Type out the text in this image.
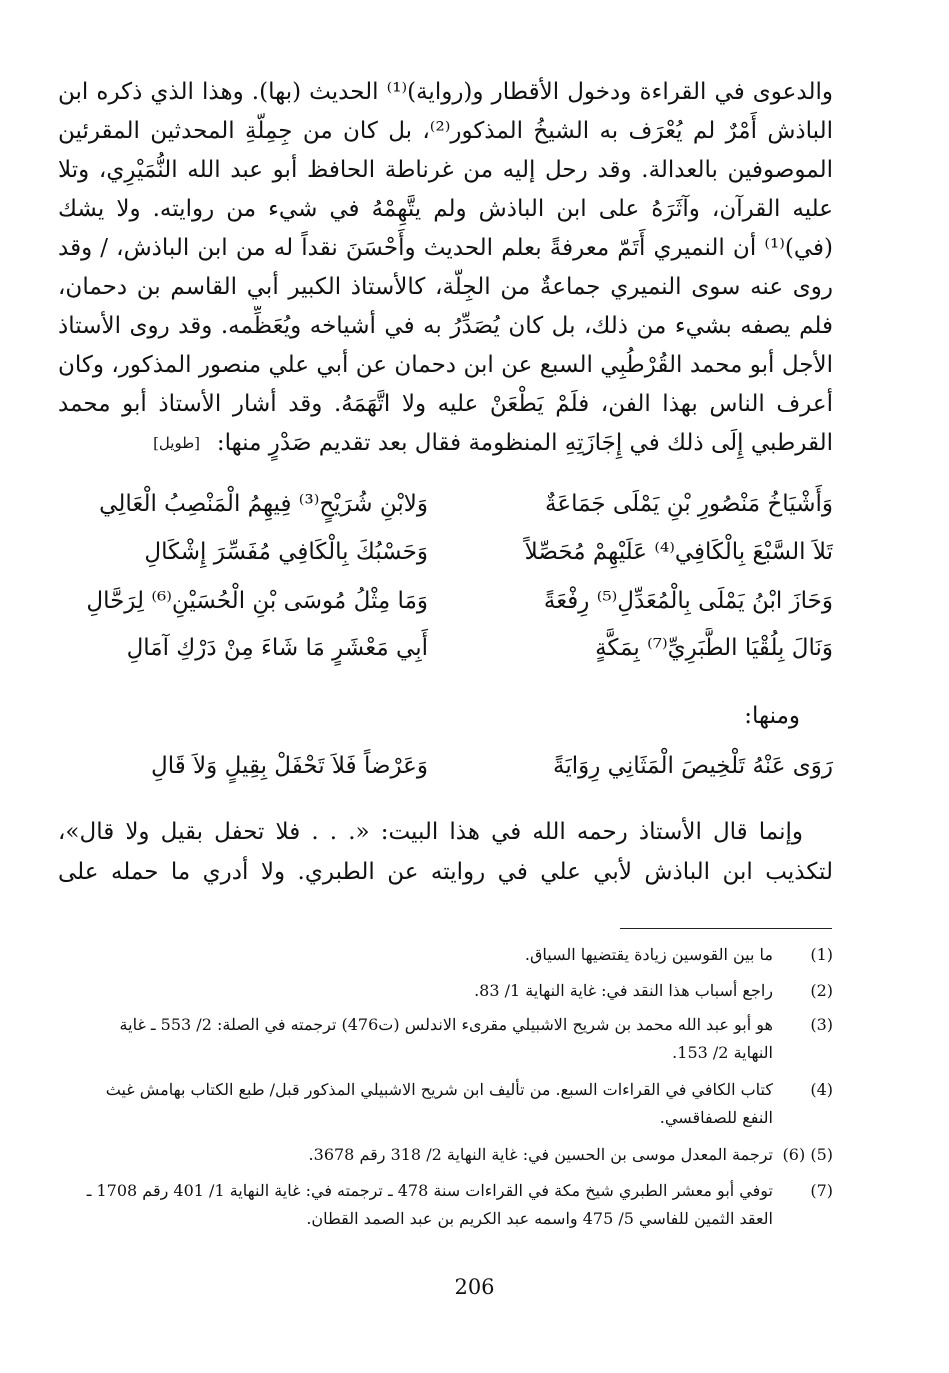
والدعوى في القراءة ودخول الأقطار و(رواية)⁽¹⁾ الحديث (بها). وهذا الذي ذكره ابن
الباذش أَمْرٌ لم يُعْرَف به الشيخُ المذكور⁽²⁾، بل كان من جِمِلّةِ المحدثين المقرئين
الموصوفين بالعدالة. وقد رحل إليه من غرناطة الحافظ أبو عبد الله النُّمَيْرِي، وتلا
عليه القرآن، وآثَرَهُ على ابن الباذش ولم يتَّهِمْهُ في شيء من روايته. ولا يشك
(في)⁽¹⁾ أن النميري أَتَمّ معرفةً بعلم الحديث وأَحْسَنَ نقداً له من ابن الباذش، / وقد
روى عنه سوى النميري جماعةٌ من الجِلّة، كالأستاذ الكبير أبي القاسم بن دحمان،
فلم يصفه بشيء من ذلك، بل كان يُصَدِّرُ به في أشياخه ويُعَظِّمه. وقد روى الأستاذ
الأجل أبو محمد القُرْطُبِي السبع عن ابن دحمان عن أبي علي منصور المذكور، وكان
أعرف الناس بهذا الفن، فلَمْ يَطْعَنْ عليه ولا اتَّهَمَهُ. وقد أشار الأستاذ أبو محمد
القرطبي إِلَى ذلك في إِجَازَتِهِ المنظومة فقال بعد تقديم صَدْرٍ منها:
[طويل]
وَأَشْيَاخُ مَنْصُورِ بْنِ يَمْلَى جَمَاعَةٌ
وَلابْنِ شُرَيْحٍ⁽³⁾ فِيهِمُ الْمَنْصِبُ الْعَالِي
تَلاَ السَّبْعَ بِالْكَافِي⁽⁴⁾ عَلَيْهِمْ مُحَصِّلاً
وَحَسْبُكَ بِالْكَافِي مُفَسِّرَ إِشْكَالِ
وَحَازَ ابْنُ يَمْلَى بِالْمُعَدِّلِ⁽⁵⁾ رِفْعَةً
وَمَا مِثْلُ مُوسَى بْنِ الْحُسَيْنِ⁽⁶⁾ لِرَحَّالِ
وَنَالَ بِلُقْيَا الطَّبَرِيِّ⁽⁷⁾ بِمَكَّةٍ
أَبِي مَعْشَرٍ مَا شَاءَ مِنْ دَرْكِ آمَالِ
ومنها:
رَوَى عَنْهُ تَلْخِيصَ الْمَثَانِي رِوَايَةً
وَعَرْضاً فَلاَ تَحْفَلْ بِقِيلٍ وَلاَ قَالِ
وإنما قال الأستاذ رحمه الله في هذا البيت: «. . . فلا تحفل بقيل ولا قال»،
لتكذيب ابن الباذش لأبي علي في روايته عن الطبري. ولا أدري ما حمله على
(1)
ما بين القوسين زيادة يقتضيها السياق.
(2)
راجع أسباب هذا النقد في: غاية النهاية 1/ 83.
(3)
هو أبو عبد الله محمد بن شريح الاشبيلي مقرىء الاندلس (ت476) ترجمته في الصلة: 2/ 553 ـ غاية
النهاية 2/ 153.
(4)
كتاب الكافي في القراءات السبع. من تأليف ابن شريح الاشبيلي المذكور قبل/ طبع الكتاب بهامش غيث
النفع للصفاقسي.
(5) (6)
ترجمة المعدل موسى بن الحسين في: غاية النهاية 2/ 318 رقم 3678.
(7)
توفي أبو معشر الطبري شيخ مكة في القراءات سنة 478 ـ ترجمته في: غاية النهاية 1/ 401 رقم 1708 ـ
العقد الثمين للفاسي 5/ 475 واسمه عبد الكريم بن عبد الصمد القطان.
206
